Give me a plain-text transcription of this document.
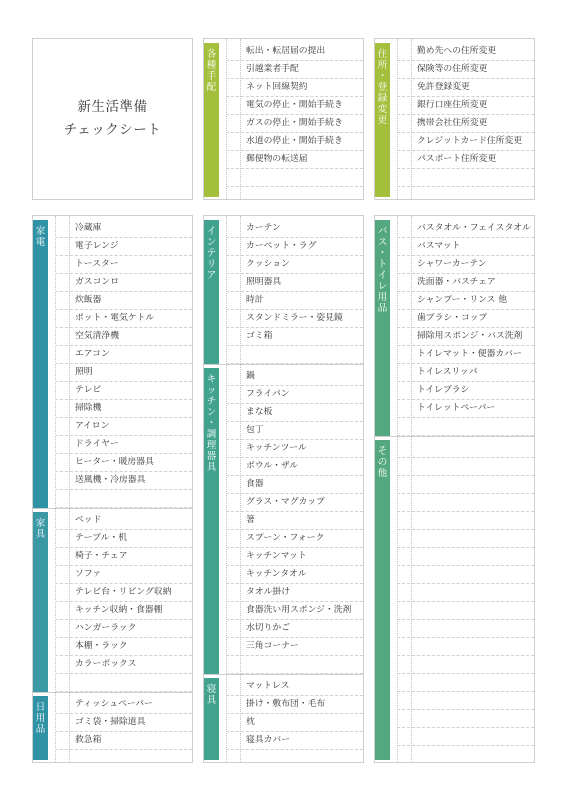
新生活準備
チェックシート
各
種
手
配
転出・転居届の提出
引越業者手配
ネット回線契約
電気の停止・開始手続き
ガスの停止・開始手続き
水道の停止・開始手続き
郵便物の転送届
住
所
・
登
録
変
更
勤め先への住所変更
保険等の住所変更
免許登録変更
銀行口座住所変更
携帯会社住所変更
クレジットカード住所変更
パスポート住所変更
家
電
冷蔵庫
電子レンジ
トースター
ガスコンロ
炊飯器
ポット・電気ケトル
空気清浄機
エアコン
照明
テレビ
掃除機
アイロン
ドライヤー
ヒーター・暖房器具
送風機・冷房器具
家
具
ベッド
テーブル・机
椅子・チェア
ソファ
テレビ台・リビング収納
キッチン収納・食器棚
ハンガーラック
本棚・ラック
カラーボックス
日
用
品
ティッシュペーパー
ゴミ袋・掃除道具
救急箱
イ
ン
テ
リ
ア
カーテン
カーペット・ラグ
クッション
照明器具
時計
スタンドミラー・姿見鏡
ゴミ箱
キ
ッ
チ
ン
・
調
理
器
具
鍋
フライパン
まな板
包丁
キッチンツール
ボウル・ザル
食器
グラス・マグカップ
箸
スプーン・フォーク
キッチンマット
キッチンタオル
タオル掛け
食器洗い用スポンジ・洗剤
水切りかご
三角コーナー
寝
具
マットレス
掛け・敷布団・毛布
枕
寝具カバー
バ
ス
・
ト
イ
レ
用
品
バスタオル・フェイスタオル
バスマット
シャワーカーテン
洗面器・バスチェア
シャンプー・リンス 他
歯ブラシ・コップ
掃除用スポンジ・バス洗剤
トイレマット・便器カバー
トイレスリッパ
トイレブラシ
トイレットペーパー
そ
の
他
